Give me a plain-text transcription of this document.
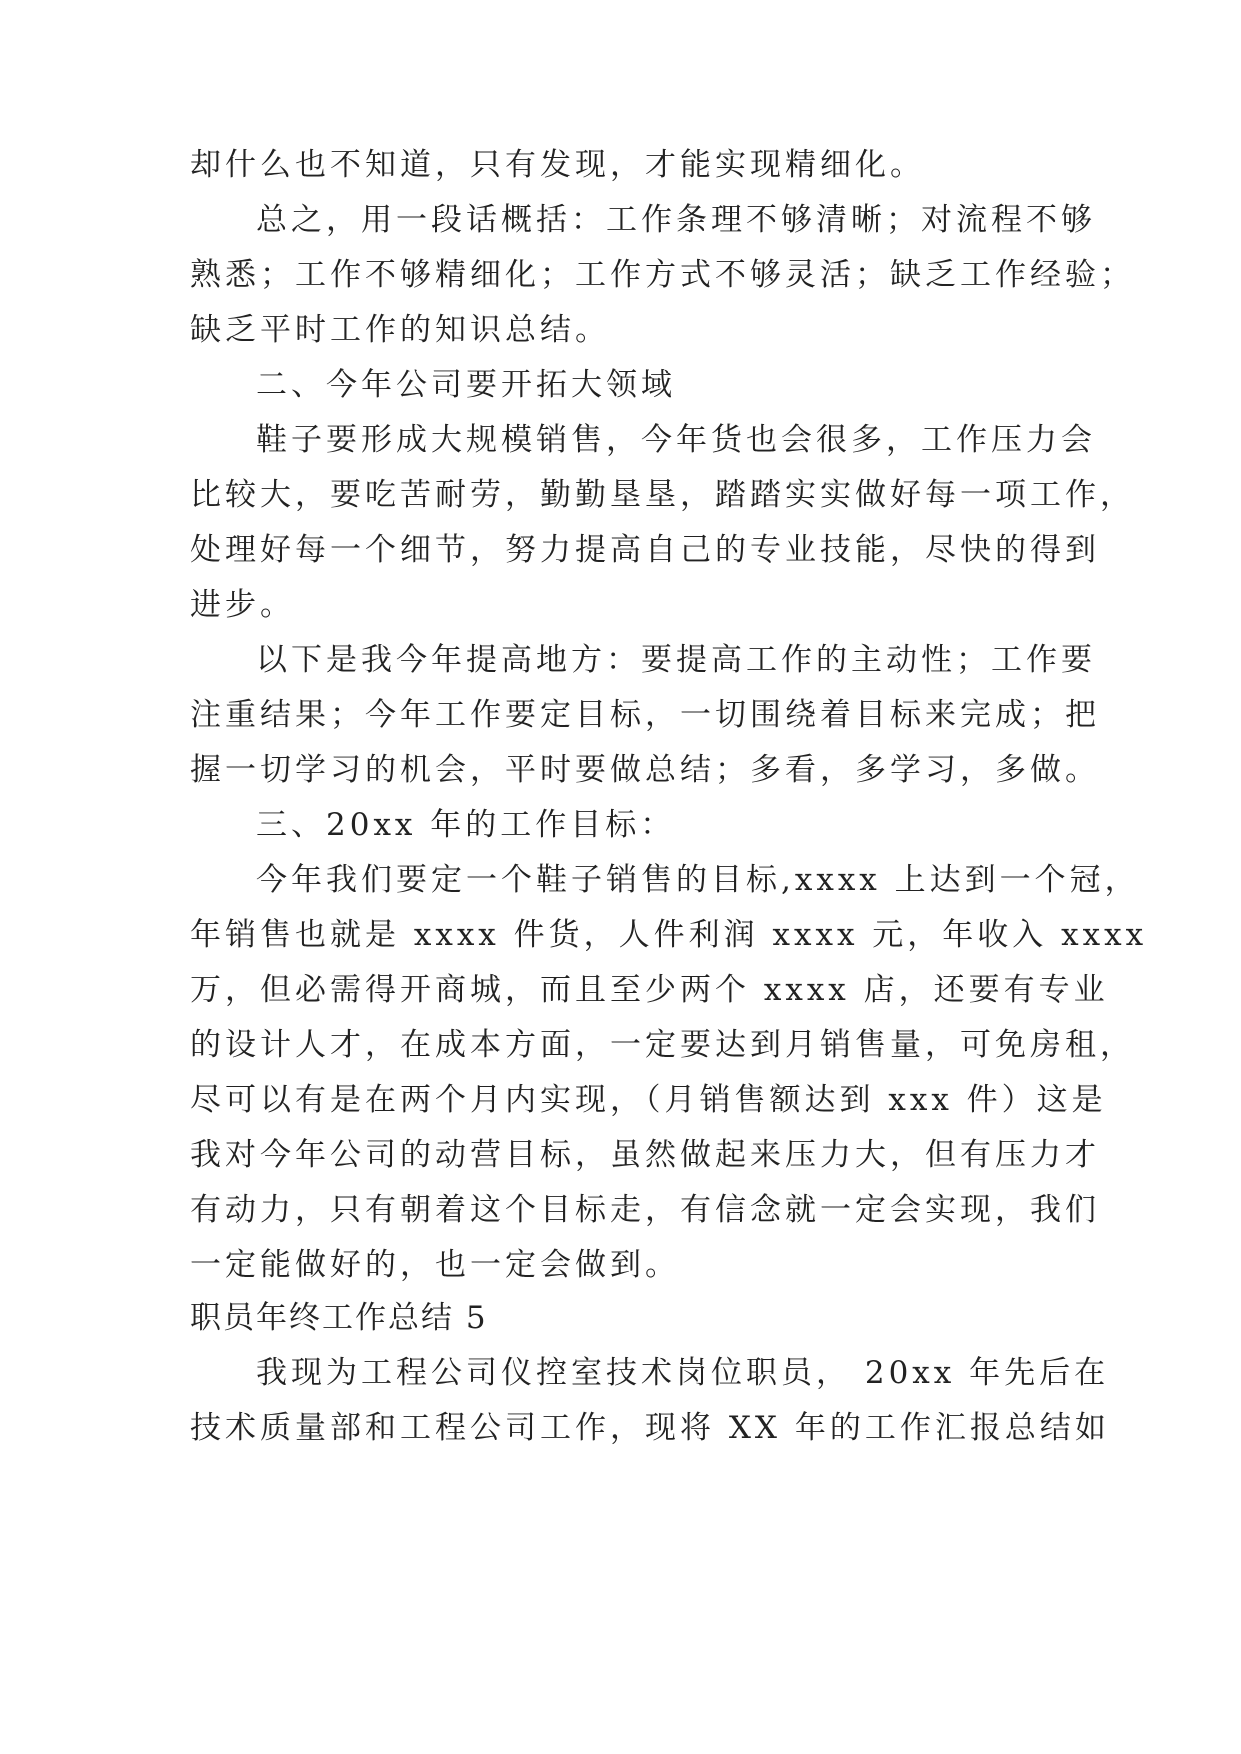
却什么也不知道，只有发现，才能实现精细化。
总之，用一段话概括：工作条理不够清晰；对流程不够
熟悉；工作不够精细化；工作方式不够灵活；缺乏工作经验；
缺乏平时工作的知识总结。
二、今年公司要开拓大领域
鞋子要形成大规模销售，今年货也会很多，工作压力会
比较大，要吃苦耐劳，勤勤垦垦，踏踏实实做好每一项工作，
处理好每一个细节，努力提高自己的专业技能，尽快的得到
进步。
以下是我今年提高地方：要提高工作的主动性；工作要
注重结果；今年工作要定目标，一切围绕着目标来完成；把
握一切学习的机会，平时要做总结；多看，多学习，多做。
三、20xx 年的工作目标：
今年我们要定一个鞋子销售的目标,xxxx 上达到一个冠，
年销售也就是 xxxx 件货，人件利润 xxxx 元，年收入 xxxx
万，但必需得开商城，而且至少两个 xxxx 店，还要有专业
的设计人才，在成本方面，一定要达到月销售量，可免房租，
尽可以有是在两个月内实现，（月销售额达到 xxx 件）这是
我对今年公司的动营目标，虽然做起来压力大，但有压力才
有动力，只有朝着这个目标走，有信念就一定会实现，我们
一定能做好的，也一定会做到。
职员年终工作总结 5
我现为工程公司仪控室技术岗位职员， 20xx 年先后在
技术质量部和工程公司工作，现将 XX 年的工作汇报总结如
